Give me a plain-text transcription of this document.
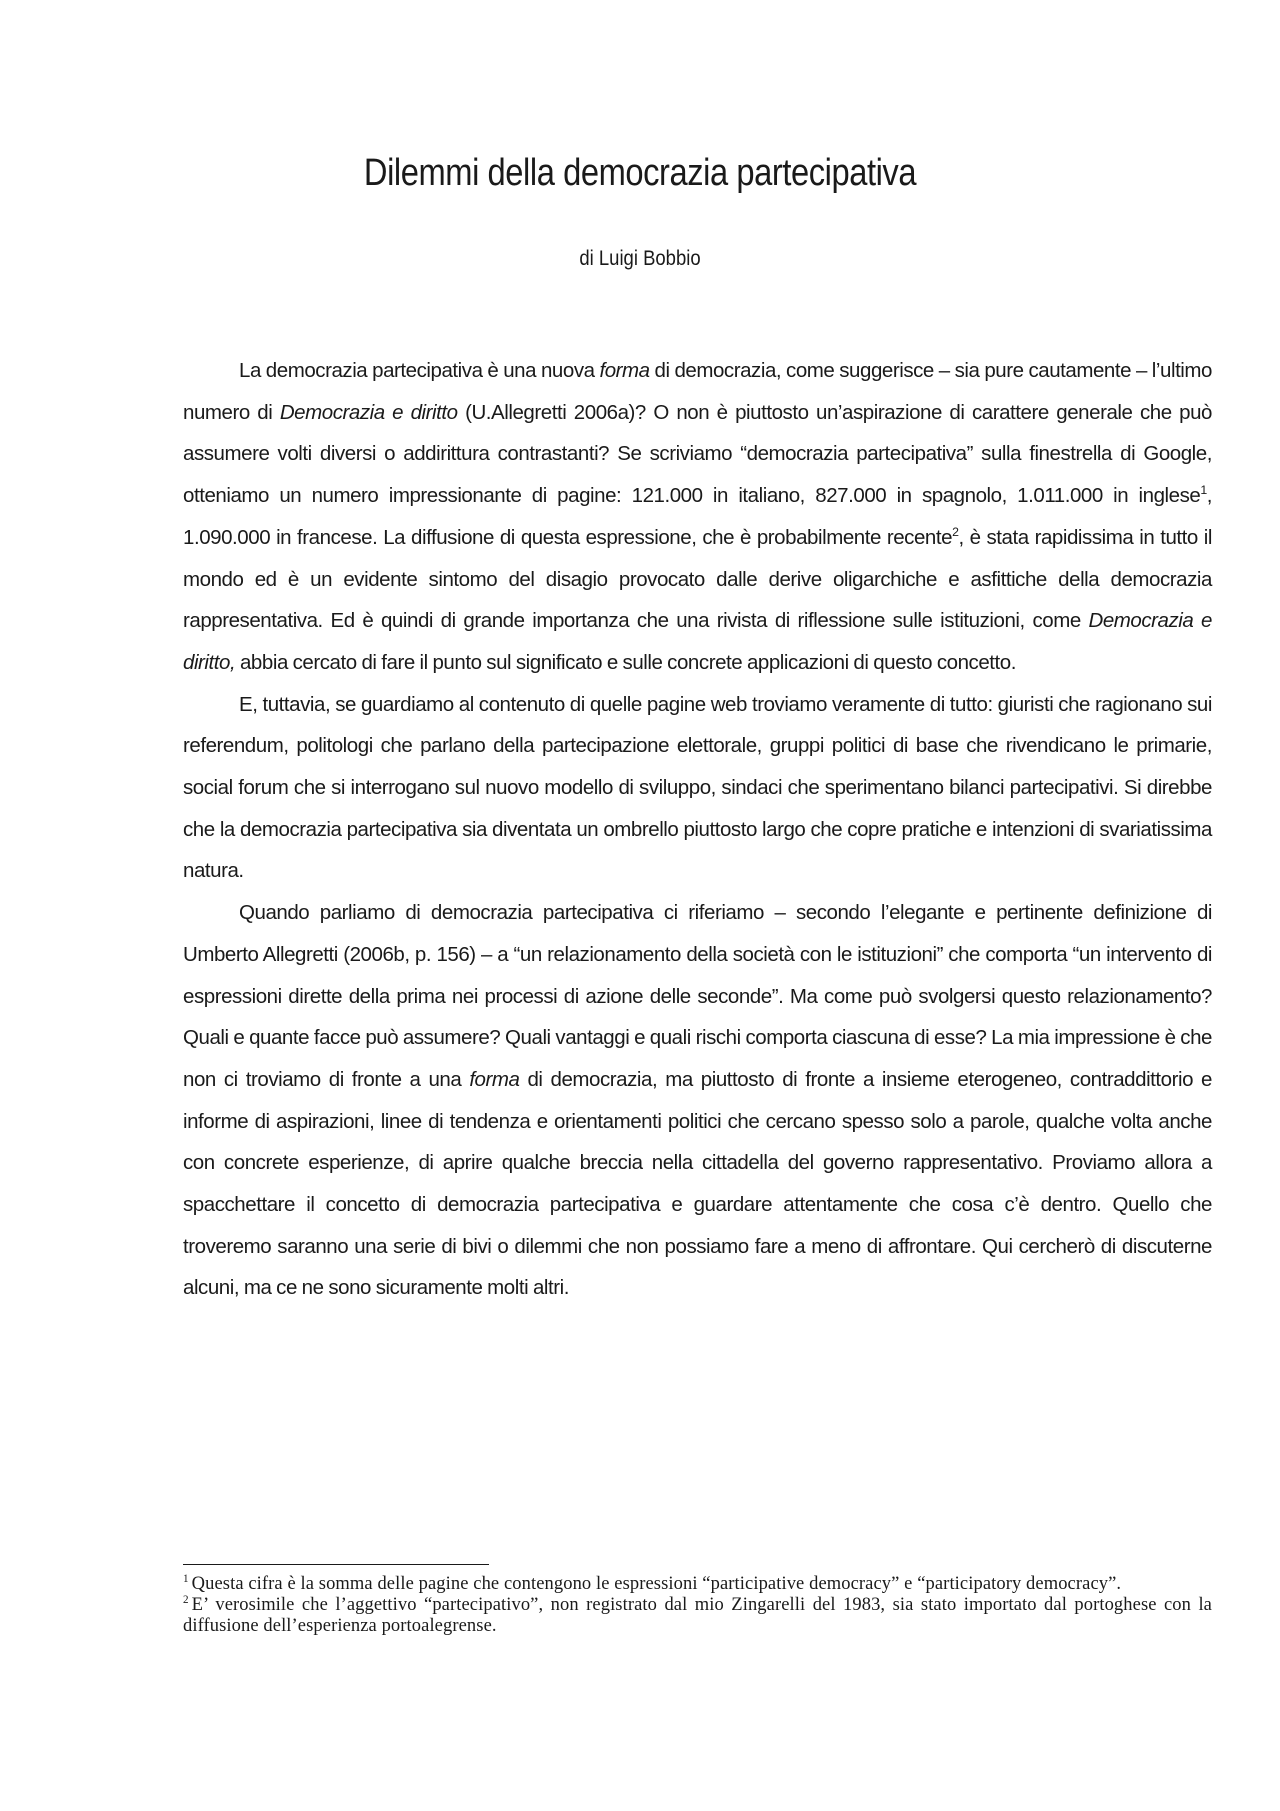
Dilemmi della democrazia partecipativa
di Luigi Bobbio

La democrazia partecipativa è una nuova forma di democrazia, come suggerisce – sia pure cautamente – l’ultimo numero di Democrazia e diritto (U.Allegretti 2006a)? O non è piuttosto un’aspirazione di carattere generale che può assumere volti diversi o addirittura contrastanti? Se scriviamo “democrazia partecipativa” sulla finestrella di Google, otteniamo un numero impressionante di pagine: 121.000 in italiano, 827.000 in spagnolo, 1.011.000 in inglese$^1$, 1.090.000 in francese. La diffusione di questa espressione, che è probabilmente recente$^2$, è stata rapidissima in tutto il mondo ed è un evidente sintomo del disagio provocato dalle derive oligarchiche e asfittiche della democrazia rappresentativa. Ed è quindi di grande importanza che una rivista di riflessione sulle istituzioni, come Democrazia e diritto, abbia cercato di fare il punto sul significato e sulle concrete applicazioni di questo concetto.

E, tuttavia, se guardiamo al contenuto di quelle pagine web troviamo veramente di tutto: giuristi che ragionano sui referendum, politologi che parlano della partecipazione elettorale, gruppi politici di base che rivendicano le primarie, social forum che si interrogano sul nuovo modello di sviluppo, sindaci che sperimentano bilanci partecipativi. Si direbbe che la democrazia partecipativa sia diventata un ombrello piuttosto largo che copre pratiche e intenzioni di svariatissima natura.

Quando parliamo di democrazia partecipativa ci riferiamo – secondo l’elegante e pertinente definizione di Umberto Allegretti (2006b, p. 156) – a “un relazionamento della società con le istituzioni” che comporta “un intervento di espressioni dirette della prima nei processi di azione delle seconde”. Ma come può svolgersi questo relazionamento? Quali e quante facce può assumere? Quali vantaggi e quali rischi comporta ciascuna di esse? La mia impressione è che non ci troviamo di fronte a una forma di democrazia, ma piuttosto di fronte a insieme eterogeneo, contraddittorio e informe di aspirazioni, linee di tendenza e orientamenti politici che cercano spesso solo a parole, qualche volta anche con concrete esperienze, di aprire qualche breccia nella cittadella del governo rappresentativo. Proviamo allora a spacchettare il concetto di democrazia partecipativa e guardare attentamente che cosa c’è dentro. Quello che troveremo saranno una serie di bivi o dilemmi che non possiamo fare a meno di affrontare. Qui cercherò di discuterne alcuni, ma ce ne sono sicuramente molti altri.

$^1$ Questa cifra è la somma delle pagine che contengono le espressioni “participative democracy” e “participatory democracy”.

$^2$ E’ verosimile che l’aggettivo “partecipativo”, non registrato dal mio Zingarelli del 1983, sia stato importato dal portoghese con la diffusione dell’esperienza portoalegrense.
